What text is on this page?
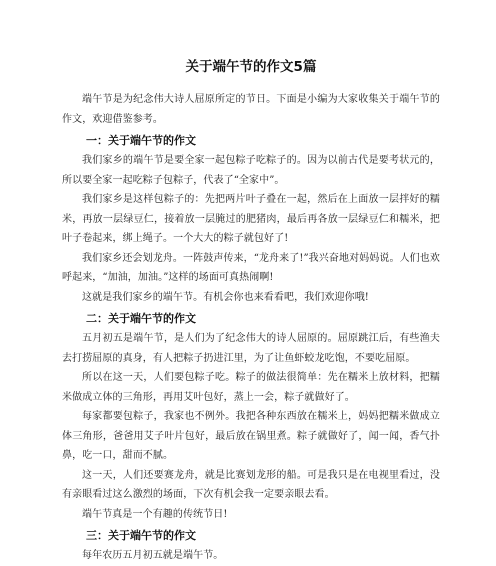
关于端午节的作文5篇

端午节是为纪念伟大诗人屈原所定的节日。下面是小编为大家收集关于端午节的作文，欢迎借鉴参考。

一：关于端午节的作文

我们家乡的端午节是要全家一起包粽子吃粽子的。因为以前古代是要考状元的，所以要全家一起吃粽子包粽子，代表了“全家中”。

我们家乡是这样包粽子的：先把两片叶子叠在一起，然后在上面放一层拌好的糯米，再放一层绿豆仁，接着放一层腌过的肥猪肉，最后再各放一层绿豆仁和糯米，把叶子卷起来，绑上绳子。一个大大的粽子就包好了!

我们家乡还会划龙舟。一阵鼓声传来，“龙舟来了!”我兴奋地对妈妈说。人们也欢呼起来，“加油，加油。”这样的场面可真热闹啊!

这就是我们家乡的端午节。有机会你也来看看吧，我们欢迎你哦!

二：关于端午节的作文

五月初五是端午节，是人们为了纪念伟大的诗人屈原的。屈原跳江后，有些渔夫去打捞屈原的真身，有人把粽子扔进江里，为了让鱼虾蛟龙吃饱，不要吃屈原。

所以在这一天，人们要包粽子吃。粽子的做法很简单：先在糯米上放材料，把糯米做成立体的三角形，再用艾叶包好，蒸上一会，粽子就做好了。

每家都要包粽子，我家也不例外。我把各种东西放在糯米上，妈妈把糯米做成立体三角形，爸爸用艾子叶片包好，最后放在锅里煮。粽子就做好了，闻一闻，香气扑鼻，吃一口，甜而不腻。

这一天，人们还要赛龙舟，就是比赛划龙形的船。可是我只是在电视里看过，没有亲眼看过这么激烈的场面，下次有机会我一定要亲眼去看。

端午节真是一个有趣的传统节日!

三：关于端午节的作文

每年农历五月初五就是端午节。
